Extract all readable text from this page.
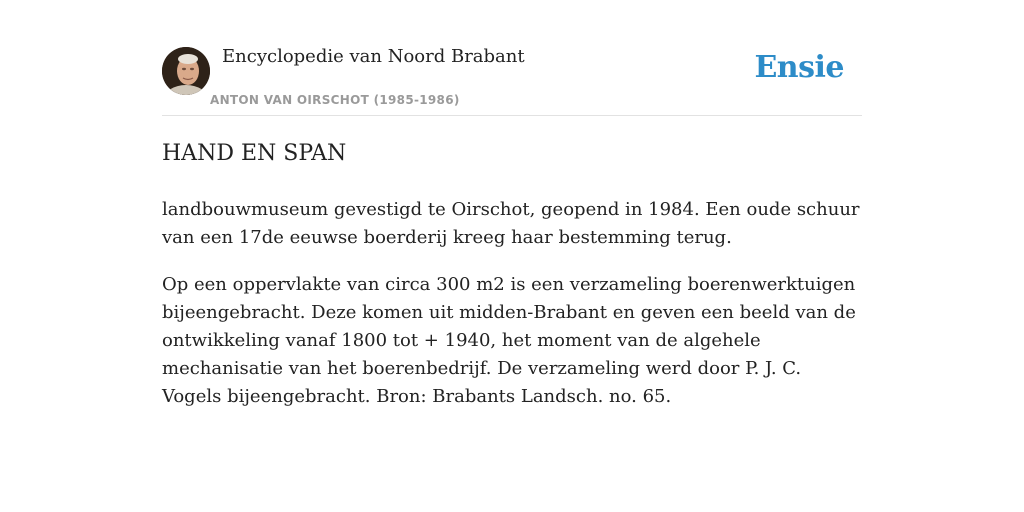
Encyclopedie van Noord Brabant
ANTON VAN OIRSCHOT (1985-1986)
Ensie
HAND EN SPAN

landbouwmuseum gevestigd te Oirschot, geopend in 1984. Een oude schuur van een 17de eeuwse boerderij kreeg haar bestemming terug.

Op een oppervlakte van circa 300 m2 is een verzameling boerenwerktuigen bijeengebracht. Deze komen uit midden-Brabant en geven een beeld van de ontwikkeling vanaf 1800 tot + 1940, het moment van de algehele mechanisatie van het boerenbedrijf. De verzameling werd door P. J. C. Vogels bijeengebracht. Bron: Brabants Landsch. no. 65.
